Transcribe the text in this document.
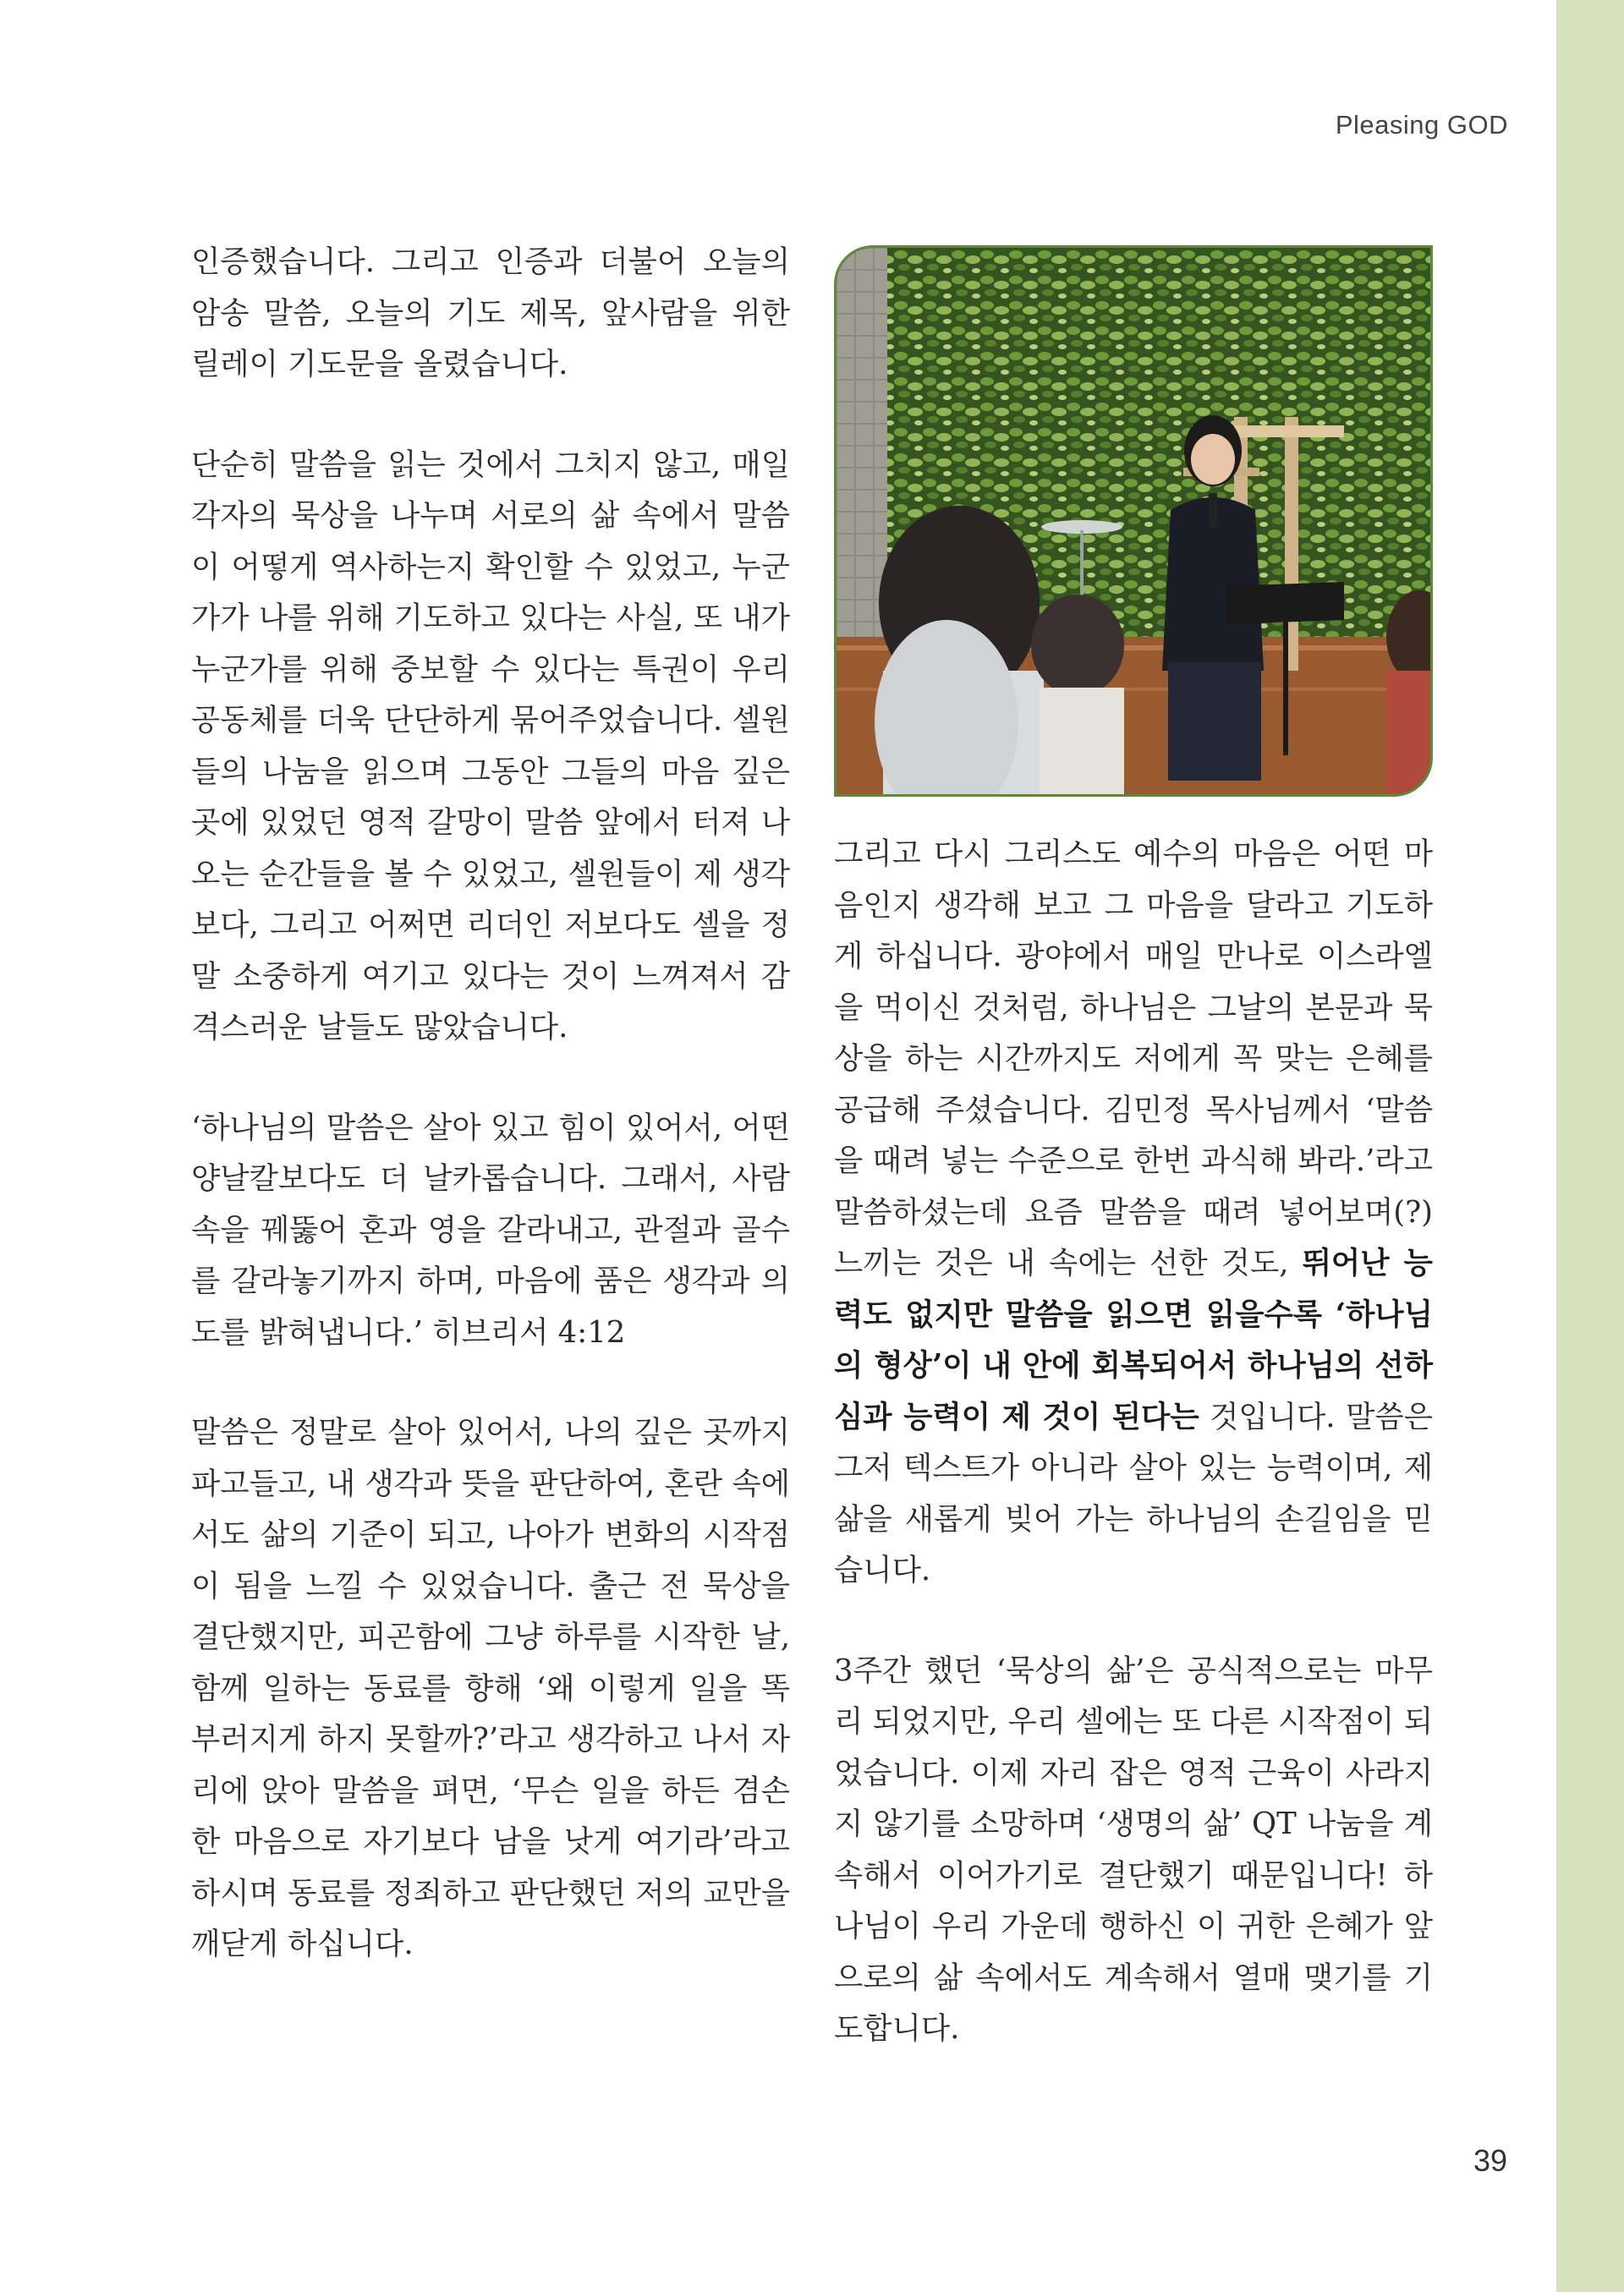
Pleasing GOD

인증했습니다. 그리고 인증과 더불어 오늘의 암송 말씀, 오늘의 기도 제목, 앞사람을 위한 릴레이 기도문을 올렸습니다.

단순히 말씀을 읽는 것에서 그치지 않고, 매일 각자의 묵상을 나누며 서로의 삶 속에서 말씀이 어떻게 역사하는지 확인할 수 있었고, 누군가가 나를 위해 기도하고 있다는 사실, 또 내가 누군가를 위해 중보할 수 있다는 특권이 우리 공동체를 더욱 단단하게 묶어주었습니다. 셀원들의 나눔을 읽으며 그동안 그들의 마음 깊은 곳에 있었던 영적 갈망이 말씀 앞에서 터져 나오는 순간들을 볼 수 있었고, 셀원들이 제 생각보다, 그리고 어쩌면 리더인 저보다도 셀을 정말 소중하게 여기고 있다는 것이 느껴져서 감격스러운 날들도 많았습니다.

‘하나님의 말씀은 살아 있고 힘이 있어서, 어떤 양날칼보다도 더 날카롭습니다. 그래서, 사람 속을 꿰뚫어 혼과 영을 갈라내고, 관절과 골수를 갈라놓기까지 하며, 마음에 품은 생각과 의도를 밝혀냅니다.’ 히브리서 4:12

말씀은 정말로 살아 있어서, 나의 깊은 곳까지 파고들고, 내 생각과 뜻을 판단하여, 혼란 속에서도 삶의 기준이 되고, 나아가 변화의 시작점이 됨을 느낄 수 있었습니다. 출근 전 묵상을 결단했지만, 피곤함에 그냥 하루를 시작한 날, 함께 일하는 동료를 향해 ‘왜 이렇게 일을 똑 부러지게 하지 못할까?’라고 생각하고 나서 자리에 앉아 말씀을 펴면, ‘무슨 일을 하든 겸손한 마음으로 자기보다 남을 낫게 여기라’라고 하시며 동료를 정죄하고 판단했던 저의 교만을 깨닫게 하십니다.

그리고 다시 그리스도 예수의 마음은 어떤 마음인지 생각해 보고 그 마음을 달라고 기도하게 하십니다. 광야에서 매일 만나로 이스라엘을 먹이신 것처럼, 하나님은 그날의 본문과 묵상을 하는 시간까지도 저에게 꼭 맞는 은혜를 공급해 주셨습니다. 김민정 목사님께서 ‘말씀을 때려 넣는 수준으로 한번 과식해 봐라.’라고 말씀하셨는데 요즘 말씀을 때려 넣어보며(?) 느끼는 것은 내 속에는 선한 것도, 뛰어난 능력도 없지만 말씀을 읽으면 읽을수록 ‘하나님의 형상’이 내 안에 회복되어서 하나님의 선하심과 능력이 제 것이 된다는 것입니다. 말씀은 그저 텍스트가 아니라 살아 있는 능력이며, 제 삶을 새롭게 빚어 가는 하나님의 손길임을 믿습니다.

3주간 했던 ‘묵상의 삶’은 공식적으로는 마무리 되었지만, 우리 셀에는 또 다른 시작점이 되었습니다. 이제 자리 잡은 영적 근육이 사라지지 않기를 소망하며 ‘생명의 삶’ QT 나눔을 계속해서 이어가기로 결단했기 때문입니다! 하나님이 우리 가운데 행하신 이 귀한 은혜가 앞으로의 삶 속에서도 계속해서 열매 맺기를 기도합니다.

39
